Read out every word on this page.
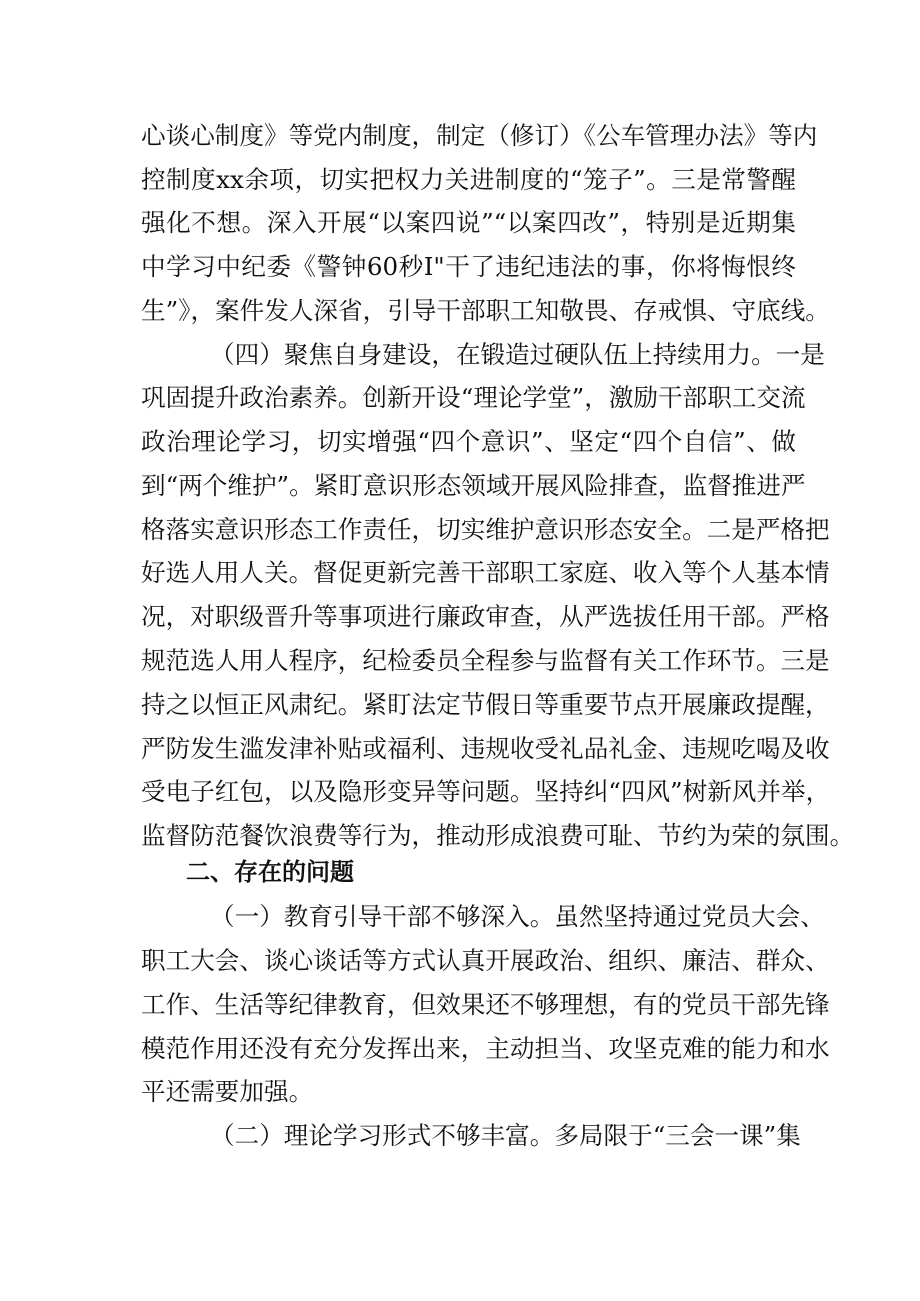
心谈心制度》等党内制度，制定（修订）《公车管理办法》等内
控制度xx余项，切实把权力关进制度的“笼子”。三是常警醒
强化不想。深入开展“以案四说”“以案四改”，特别是近期集
中学习中纪委《警钟60秒I"干了违纪违法的事，你将悔恨终
生”》，案件发人深省，引导干部职工知敬畏、存戒惧、守底线。
（四）聚焦自身建设，在锻造过硬队伍上持续用力。一是
巩固提升政治素养。创新开设“理论学堂”，激励干部职工交流
政治理论学习，切实增强“四个意识”、坚定“四个自信”、做
到“两个维护”。紧盯意识形态领域开展风险排查，监督推进严
格落实意识形态工作责任，切实维护意识形态安全。二是严格把
好选人用人关。督促更新完善干部职工家庭、收入等个人基本情
况，对职级晋升等事项进行廉政审查，从严选拔任用干部。严格
规范选人用人程序，纪检委员全程参与监督有关工作环节。三是
持之以恒正风肃纪。紧盯法定节假日等重要节点开展廉政提醒，
严防发生滥发津补贴或福利、违规收受礼品礼金、违规吃喝及收
受电子红包，以及隐形变异等问题。坚持纠“四风”树新风并举，
监督防范餐饮浪费等行为，推动形成浪费可耻、节约为荣的氛围。
二、存在的问题
（一）教育引导干部不够深入。虽然坚持通过党员大会、
职工大会、谈心谈话等方式认真开展政治、组织、廉洁、群众、
工作、生活等纪律教育，但效果还不够理想，有的党员干部先锋
模范作用还没有充分发挥出来，主动担当、攻坚克难的能力和水
平还需要加强。
（二）理论学习形式不够丰富。多局限于“三会一课”集
